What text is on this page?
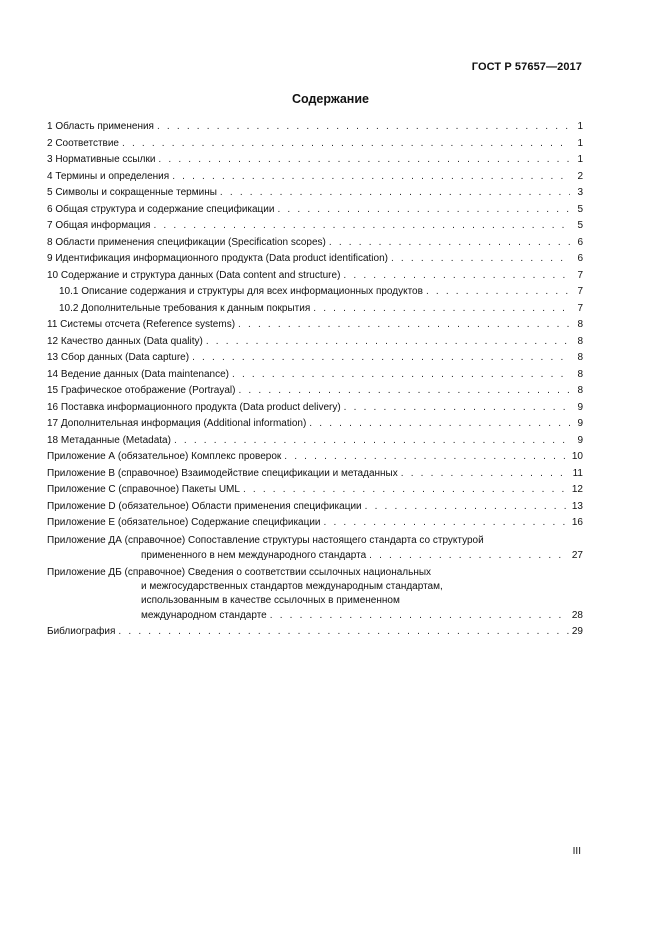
ГОСТ Р 57657—2017
Содержание
1 Область применения . . .	1
2 Соответствие . . .	1
3 Нормативные ссылки . . .	1
4 Термины и определения . . .	2
5 Символы и сокращенные термины . . .	3
6 Общая структура и содержание спецификации . . .	5
7 Общая информация . . .	5
8 Области применения спецификации (Specification scopes) . . .	6
9 Идентификация информационного продукта (Data product identification) . . .	6
10 Содержание и структура данных (Data content and structure) . . .	7
10.1 Описание содержания и структуры для всех информационных продуктов . . .	7
10.2 Дополнительные требования к данным покрытия . . .	7
11 Системы отсчета (Reference systems) . . .	8
12 Качество данных (Data quality) . . .	8
13 Сбор данных (Data capture) . . .	8
14 Ведение данных (Data maintenance) . . .	8
15 Графическое отображение (Portrayal) . . .	8
16 Поставка информационного продукта (Data product delivery) . . .	9
17 Дополнительная информация (Additional information) . . .	9
18 Метаданные (Metadata) . . .	9
Приложение А (обязательное) Комплекс проверок . . .	10
Приложение В (справочное) Взаимодействие спецификации и метаданных . . .	11
Приложение С (справочное) Пакеты UML . . .	12
Приложение D (обязательное) Области применения спецификации . . .	13
Приложение Е (обязательное) Содержание спецификации . . .	16
Приложение ДА (справочное) Сопоставление структуры настоящего стандарта со структурой
примененного в нем международного стандарта . . .	27
Приложение ДБ (справочное) Сведения о соответствии ссылочных национальных
и межгосударственных стандартов международным стандартам,
использованным в качестве ссылочных в примененном
международном стандарте . . .	28
Библиография . . .	29
III
